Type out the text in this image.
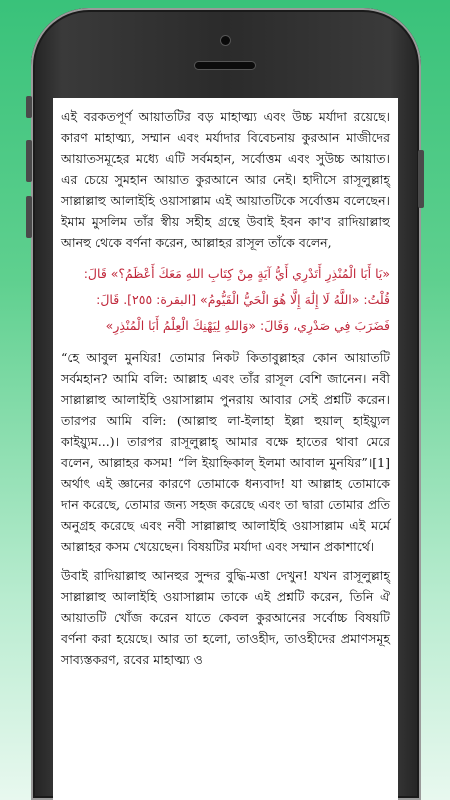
এই বরকতপূর্ণ আয়াতটির বড় মাহাত্ম্য এবং উচ্চ মর্যাদা রয়েছে। কারণ মাহাত্ম্য, সম্মান এবং মর্যাদার বিবেচনায় কুরআন মাজীদের আয়াতসমূহের মধ্যে এটি সর্বমহান, সর্বোত্তম এবং সুউচ্চ আয়াত। এর চেয়ে সুমহান আয়াত কুরআনে আর নেই। হাদীসে রাসূলুল্লাহ্ সাল্লাল্লাহু আলাইহি ওয়াসাল্লাম এই আয়াতটিকে সর্বোত্তম বলেছেন। ইমাম মুসলিম তাঁর স্বীয় সহীহ গ্রন্থে উবাই ইবন কা'ব রাদিয়াল্লাহু আনহু থেকে বর্ণনা করেন, আল্লাহর রাসূল তাঁকে বলেন,

«يَا أَبَا الْمُنْذِرِ أَتَدْرِي أَيُّ آيَةٍ مِنْ كِتَابِ اللهِ مَعَكَ أَعْظَمُ؟» قَالَ: قُلْتُ: «اللَّهُ لَا إِلَٰهَ إِلَّا هُوَ الْحَيُّ الْقَيُّومُ» [البقرة: ٢٥٥]. قَالَ: فَضَرَبَ فِي صَدْرِي، وَقَالَ: «وَاللهِ لِيَهْنِكَ الْعِلْمُ أَبَا الْمُنْذِرِ»

“হে আবুল মুনযির! তোমার নিকট কিতাবুল্লাহর কোন আয়াতটি সর্বমহান? আমি বলি: আল্লাহ এবং তাঁর রাসূল বেশি জানেন। নবী সাল্লাল্লাহু আলাইহি ওয়াসাল্লাম পুনরায় আবার সেই প্রশ্নটি করেন। তারপর আমি বলি: (আল্লাহু লা-ইলাহা ইল্লা হুয়াল্ হাইয়্যুল কাইয়্যুম...)। তারপর রাসূলুল্লাহ্ আমার বক্ষে হাতের থাবা মেরে বলেন, আল্লাহর কসম! “লি ইয়াহ্নিকাল্ ইলমা আবাল মুনযির”।[1] অর্থাৎ এই জ্ঞানের কারণে তোমাকে ধন্যবাদ! যা আল্লাহ তোমাকে দান করেছে, তোমার জন্য সহজ করেছে এবং তা দ্বারা তোমার প্রতি অনুগ্রহ করেছে এবং নবী সাল্লাল্লাহু আলাইহি ওয়াসাল্লাম এই মর্মে আল্লাহর কসম খেয়েছেন। বিষয়টির মর্যাদা এবং সম্মান প্রকাশার্থে।

উবাই রাদিয়াল্লাহু আনহুর সুন্দর বুদ্ধি-মত্তা দেখুন! যখন রাসূলুল্লাহ্ সাল্লাল্লাহু আলাইহি ওয়াসাল্লাম তাকে এই প্রশ্নটি করেন, তিনি ঐ আয়াতটি খোঁজ করেন যাতে কেবল কুরআনের সর্বোচ্চ বিষয়টি বর্ণনা করা হয়েছে। আর তা হলো, তাওহীদ, তাওহীদের প্রমাণসমূহ সাব্যস্তকরণ, রবের মাহাত্ম্য ও
